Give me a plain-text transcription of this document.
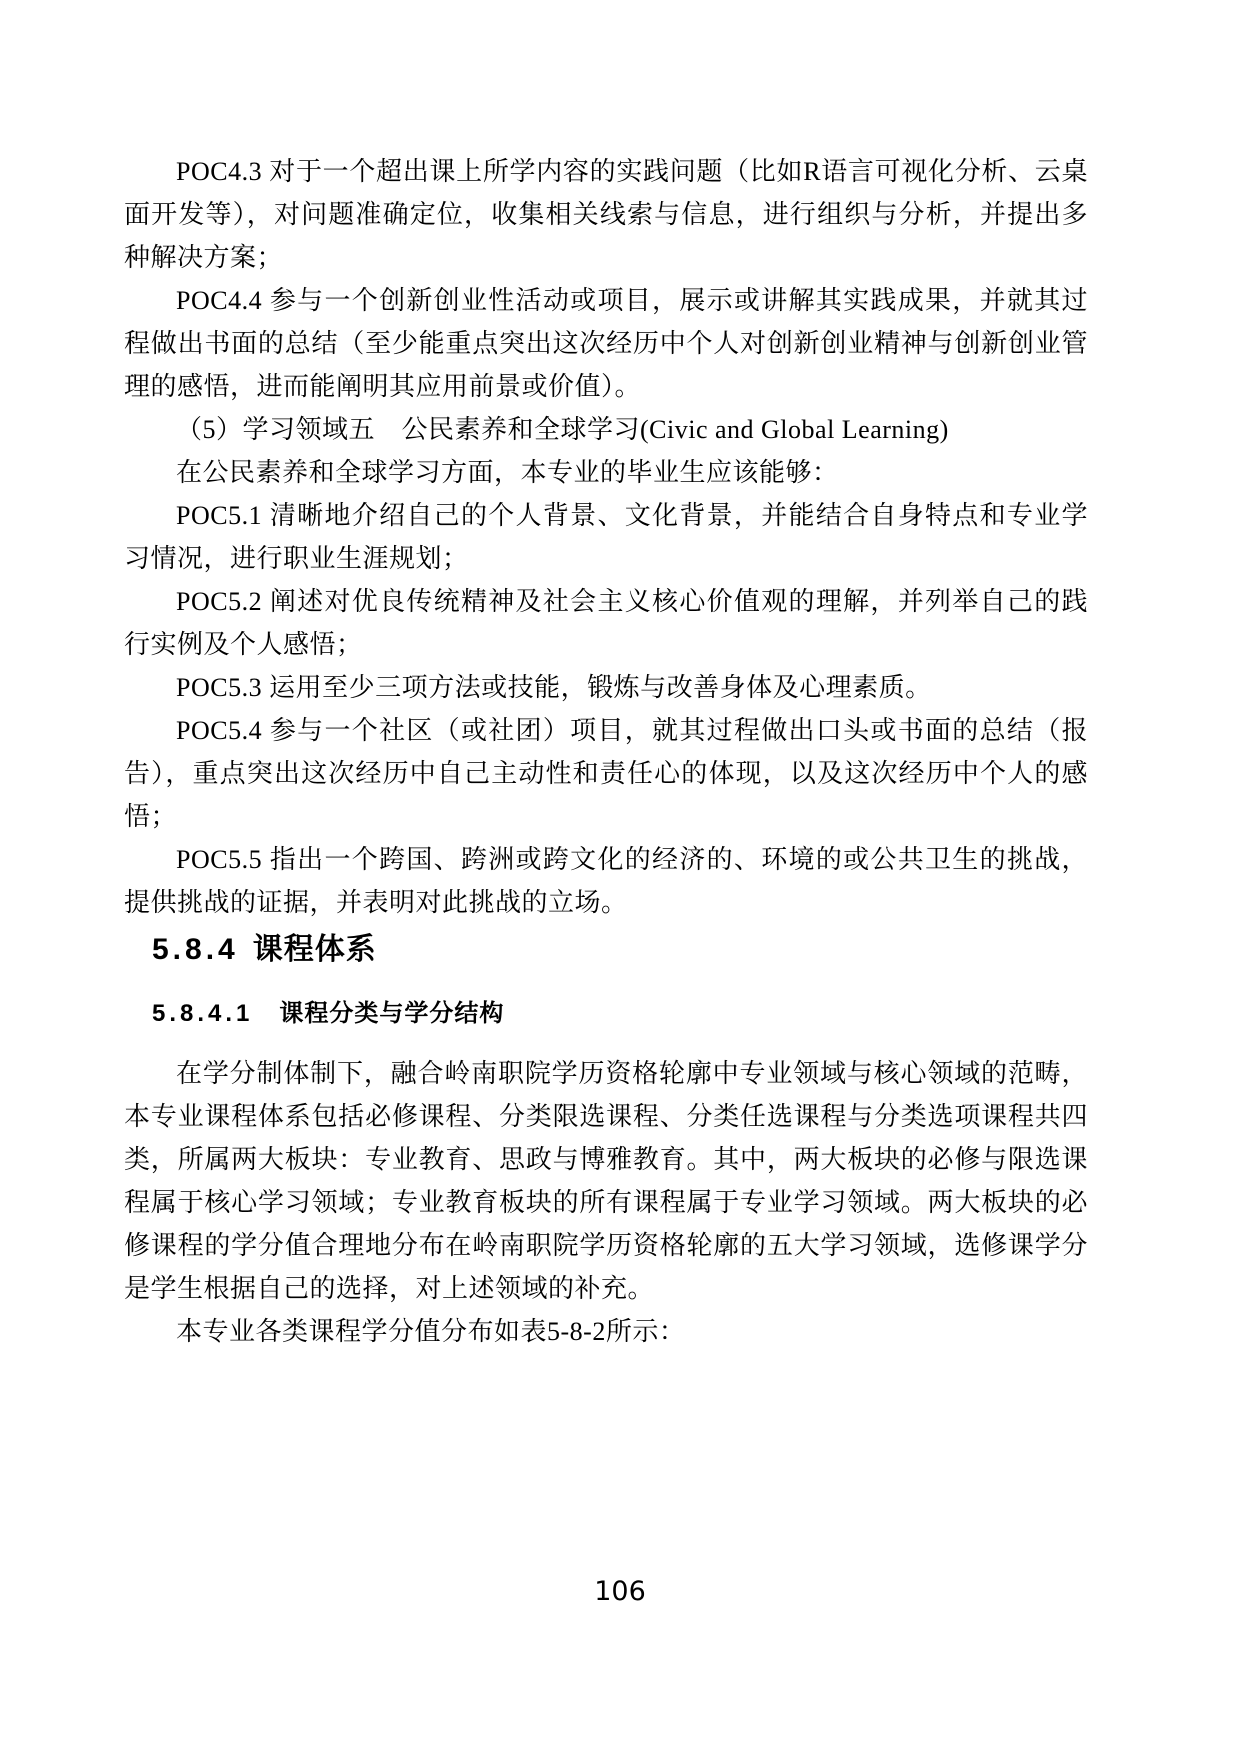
POC4.3 对于一个超出课上所学内容的实践问题（比如R语言可视化分析、云桌面开发等），对问题准确定位，收集相关线索与信息，进行组织与分析，并提出多种解决方案；

POC4.4 参与一个创新创业性活动或项目，展示或讲解其实践成果，并就其过程做出书面的总结（至少能重点突出这次经历中个人对创新创业精神与创新创业管理的感悟，进而能阐明其应用前景或价值）。

（5）学习领域五　公民素养和全球学习(Civic and Global Learning)

在公民素养和全球学习方面，本专业的毕业生应该能够：

POC5.1 清晰地介绍自己的个人背景、文化背景，并能结合自身特点和专业学习情况，进行职业生涯规划；

POC5.2 阐述对优良传统精神及社会主义核心价值观的理解，并列举自己的践行实例及个人感悟；

POC5.3 运用至少三项方法或技能，锻炼与改善身体及心理素质。

POC5.4 参与一个社区（或社团）项目，就其过程做出口头或书面的总结（报告），重点突出这次经历中自己主动性和责任心的体现，以及这次经历中个人的感悟；

POC5.5 指出一个跨国、跨洲或跨文化的经济的、环境的或公共卫生的挑战，提供挑战的证据，并表明对此挑战的立场。

5.8.4 课程体系
5.8.4.1 课程分类与学分结构

在学分制体制下，融合岭南职院学历资格轮廓中专业领域与核心领域的范畴，本专业课程体系包括必修课程、分类限选课程、分类任选课程与分类选项课程共四类，所属两大板块：专业教育、思政与博雅教育。其中，两大板块的必修与限选课程属于核心学习领域；专业教育板块的所有课程属于专业学习领域。两大板块的必修课程的学分值合理地分布在岭南职院学历资格轮廓的五大学习领域，选修课学分是学生根据自己的选择，对上述领域的补充。

本专业各类课程学分值分布如表5-8-2所示：

106
